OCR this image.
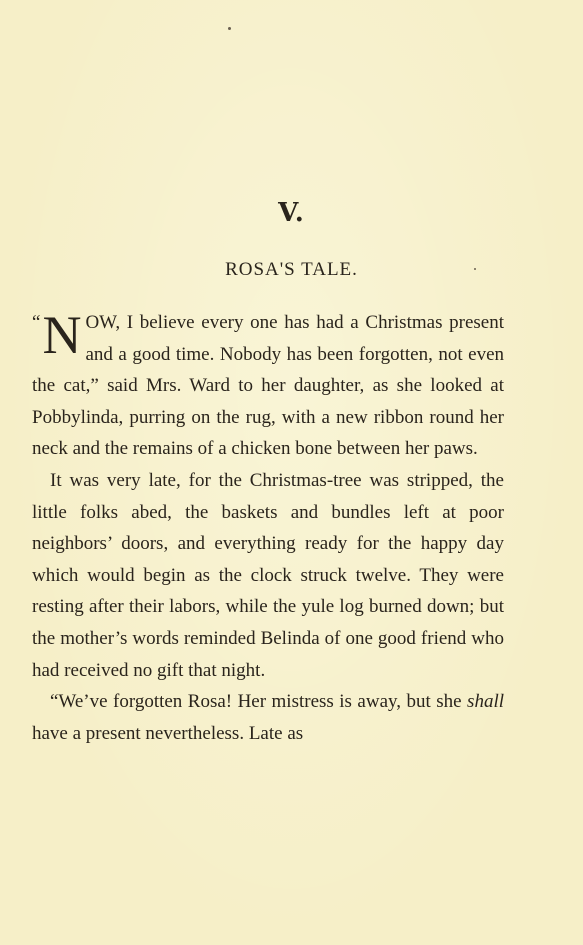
V.
ROSA'S TALE.

“ N OW, I believe every one has had a Christmas present and a good time. Nobody has been forgotten, not even the cat,” said Mrs. Ward to her daughter, as she looked at Pobbylinda, purring on the rug, with a new ribbon round her neck and the remains of a chicken bone between her paws.

It was very late, for the Christmas-tree was stripped, the little folks abed, the baskets and bundles left at poor neighbors’ doors, and everything ready for the happy day which would begin as the clock struck twelve. They were resting after their labors, while the yule log burned down; but the mother’s words reminded Belinda of one good friend who had received no gift that night.

“We’ve forgotten Rosa! Her mistress is away, but she shall have a present nevertheless. Late as
